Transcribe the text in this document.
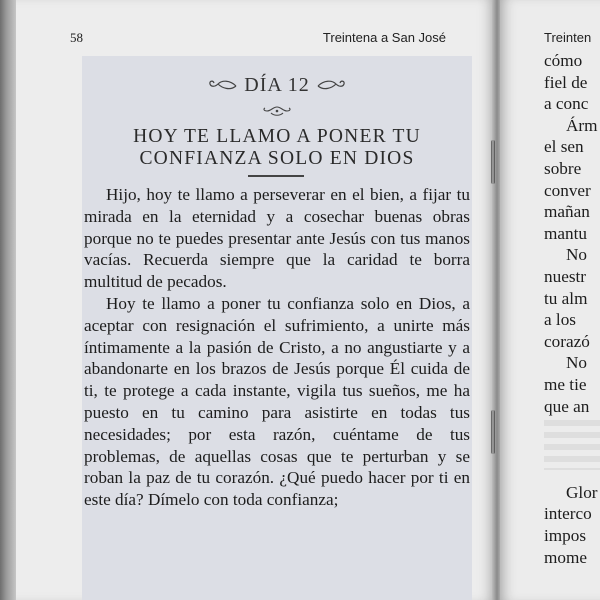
58	Treintena a San José
DÍA 12
HOY TE LLAMO A PONER TU
CONFIANZA SOLO EN DIOS

Hijo, hoy te llamo a perseverar en el bien, a fijar tu mirada en la eternidad y a cosechar buenas obras porque no te puedes presentar ante Jesús con tus manos vacías. Recuerda siempre que la caridad te borra multitud de pecados.

Hoy te llamo a poner tu confianza solo en Dios, a aceptar con resignación el sufrimiento, a unirte más íntimamente a la pasión de Cristo, a no angustiarte y a abandonarte en los brazos de Jesús porque Él cuida de ti, te protege a cada instante, vigila tus sueños, me ha puesto en tu camino para asistirte en todas tus necesidades; por esta razón, cuéntame de tus problemas, de aquellas cosas que te perturban y se roban la paz de tu corazón. ¿Qué puedo hacer por ti en este día? Dímelo con toda confianza;

Treinten
cómo
fiel de
a conc
Árm
el sen
sobre
conver
mañan
mantu
No
nuestr
tu alm
a los
corazó
No
me tie
que an
Glor
interco
impos
mome
